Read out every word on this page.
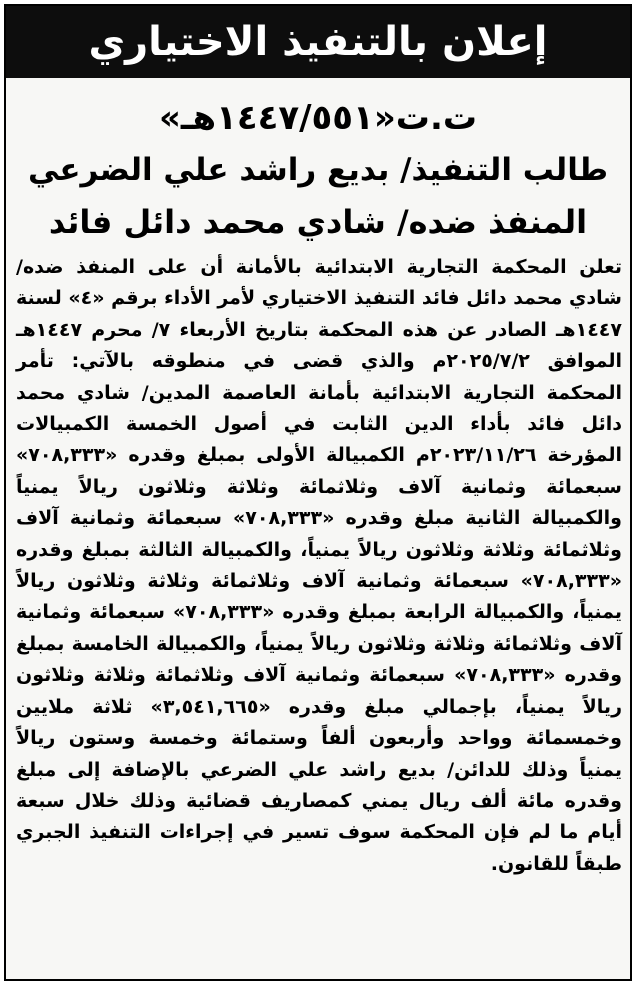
إعلان بالتنفيذ الاختياري

ت.ت«١٤٤٧/٥٥١هـ»

طالب التنفيذ/ بديع راشد علي الضرعي

المنفذ ضده/ شادي محمد دائل فائد

تعلن المحكمة التجارية الابتدائية بالأمانة أن على المنفذ ضده/ شادي محمد دائل فائد التنفيذ الاختياري لأمر الأداء برقم «٤» لسنة ١٤٤٧هـ الصادر عن هذه المحكمة بتاريخ الأربعاء ٧/ محرم ١٤٤٧هـ الموافق ٢٠٢٥/٧/٢م والذي قضى في منطوقه بالآتي: تأمر المحكمة التجارية الابتدائية بأمانة العاصمة المدين/ شادي محمد دائل فائد بأداء الدين الثابت في أصول الخمسة الكمبيالات المؤرخة ٢٠٢٣/١١/٢٦م الكمبيالة الأولى بمبلغ وقدره «٧٠٨,٣٣٣» سبعمائة وثمانية آلاف وثلاثمائة وثلاثة وثلاثون ريالاً يمنياً والكمبيالة الثانية مبلغ وقدره «٧٠٨,٣٣٣» سبعمائة وثمانية آلاف وثلاثمائة وثلاثة وثلاثون ريالاً يمنياً، والكمبيالة الثالثة بمبلغ وقدره «٧٠٨,٣٣٣» سبعمائة وثمانية آلاف وثلاثمائة وثلاثة وثلاثون ريالاً يمنياً، والكمبيالة الرابعة بمبلغ وقدره «٧٠٨,٣٣٣» سبعمائة وثمانية آلاف وثلاثمائة وثلاثة وثلاثون ريالاً يمنياً، والكمبيالة الخامسة بمبلغ وقدره «٧٠٨,٣٣٣» سبعمائة وثمانية آلاف وثلاثمائة وثلاثة وثلاثون ريالاً يمنياً، بإجمالي مبلغ وقدره «٣,٥٤١,٦٦٥» ثلاثة ملايين وخمسمائة وواحد وأربعون ألفاً وستمائة وخمسة وستون ريالاً يمنياً وذلك للدائن/ بديع راشد علي الضرعي بالإضافة إلى مبلغ وقدره مائة ألف ريال يمني كمصاريف قضائية وذلك خلال سبعة أيام ما لم فإن المحكمة سوف تسير في إجراءات التنفيذ الجبري طبقاً للقانون.
